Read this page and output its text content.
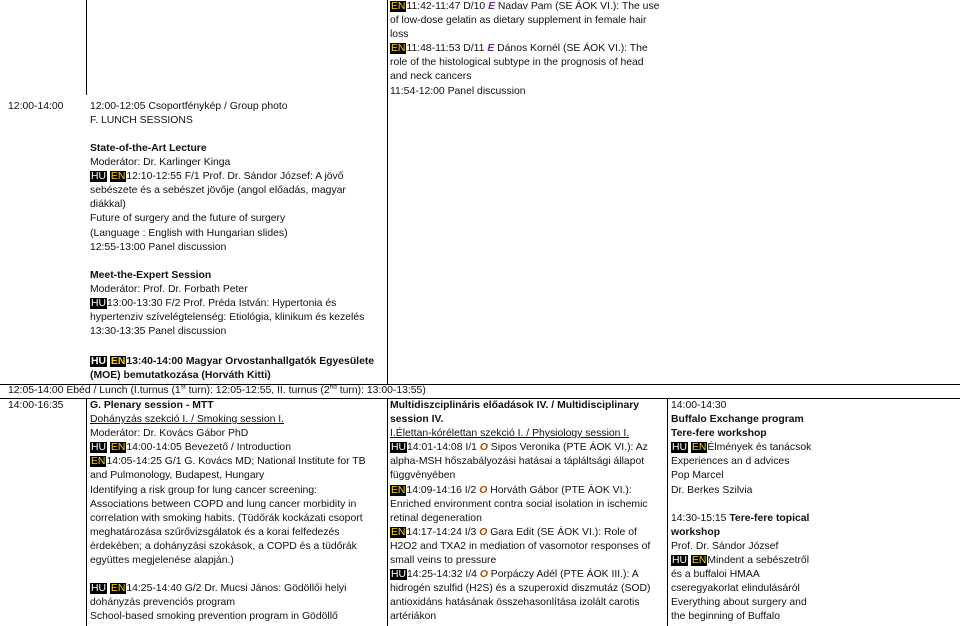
EN11:42-11:47 D/10 E Nadav Pam (SE ÁOK VI.): The use
of low-dose gelatin as dietary supplement in female hair
loss
EN11:48-11:53 D/11 E Dános Kornél (SE ÁOK VI.): The
role of the histological subtype in the prognosis of head
and neck cancers
11:54-12:00 Panel discussion
12:00-14:00	12:00-12:05 Csoportfénykép / Group photo
F. LUNCH SESSIONS
State-of-the-Art Lecture
Moderátor: Dr. Karlinger Kinga
HU EN12:10-12:55 F/1 Prof. Dr. Sándor József: A jövő
sebészete és a sebészet jövője (angol előadás, magyar
diákkal)
Future of surgery and the future of surgery
(Language : English with Hungarian slides)
12:55-13:00 Panel discussion
Meet-the-Expert Session
Moderátor: Prof. Dr. Forbath Peter
HU13:00-13:30 F/2 Prof. Préda István: Hypertonia és
hypertenziv szívelégtelenség: Etiológia, klinikum és kezelés
13:30-13:35 Panel discussion
HU EN13:40-14:00 Magyar Orvostanhallgatók Egyesülete
(MOE) bemutatkozása (Horváth Kitti)
12:05-14:00 Ebéd / Lunch (I.turnus (1st turn): 12:05-12:55, II. turnus (2nd turn): 13:00-13:55)
14:00-16:35	G. Plenary session - MTT
Dohányzás szekció I. / Smoking session I.
Moderátor: Dr. Kovács Gábor PhD
HU EN14:00-14:05 Bevezető / Introduction
EN14:05-14:25 G/1 G. Kovács MD; National Institute for TB
and Pulmonology, Budapest, Hungary
Identifying a risk group for lung cancer screening:
Associations between COPD and lung cancer morbidity in
correlation with smoking habits. (Tüdőrák kockázati csoport
meghatározása szűrővizsgálatok és a korai felfedezés
érdekében; a dohányzási szokások, a COPD és a tüdőrák
együttes megjelenése alapján.)

HU EN14:25-14:40 G/2 Dr. Mucsi János: Gödöllői helyi
dohányzás prevenciós program
School-based smoking prevention program in Gödöllő
Multidiszciplináris előadások IV. / Multidisciplinary
session IV.
I.Élettan-kórélettan szekció I. / Physiology session I.
HU14:01-14:08 I/1 O Sipos Veronika (PTE ÁOK VI.): Az
alpha-MSH hőszabályozási hatásai a tápláltsági állapot
függvényében
EN14:09-14:16 I/2 O Horváth Gábor (PTE ÁOK VI.):
Enriched environment contra social isolation in ischemic
retinal degeneration
EN14:17-14:24 I/3 O Gara Edit (SE ÁOK VI.): Role of
H2O2 and TXA2 in mediation of vasomotor responses of
small veins to pressure
HU14:25-14:32 I/4 O Porpáczy Adél (PTE ÁOK III.): A
hidrogén szulfid (H2S) és a szuperoxid diszmutáz (SOD)
antioxidáns hatásának összehasonlítása izolált carotis
artériákon
14:00-14:30
Buffalo Exchange program
Tere-fere workshop
HU ENÉlmények és tanácsok
Experiences an d advices
Pop Marcel
Dr. Berkes Szilvia

14:30-15:15 Tere-fere topical
workshop
Prof. Dr. Sándor József
HU ENMindent a sebészetről
és a buffaloi HMAA
cseregyakorlat elindulásáról
Everything about surgery and
the beginning of Buffalo
